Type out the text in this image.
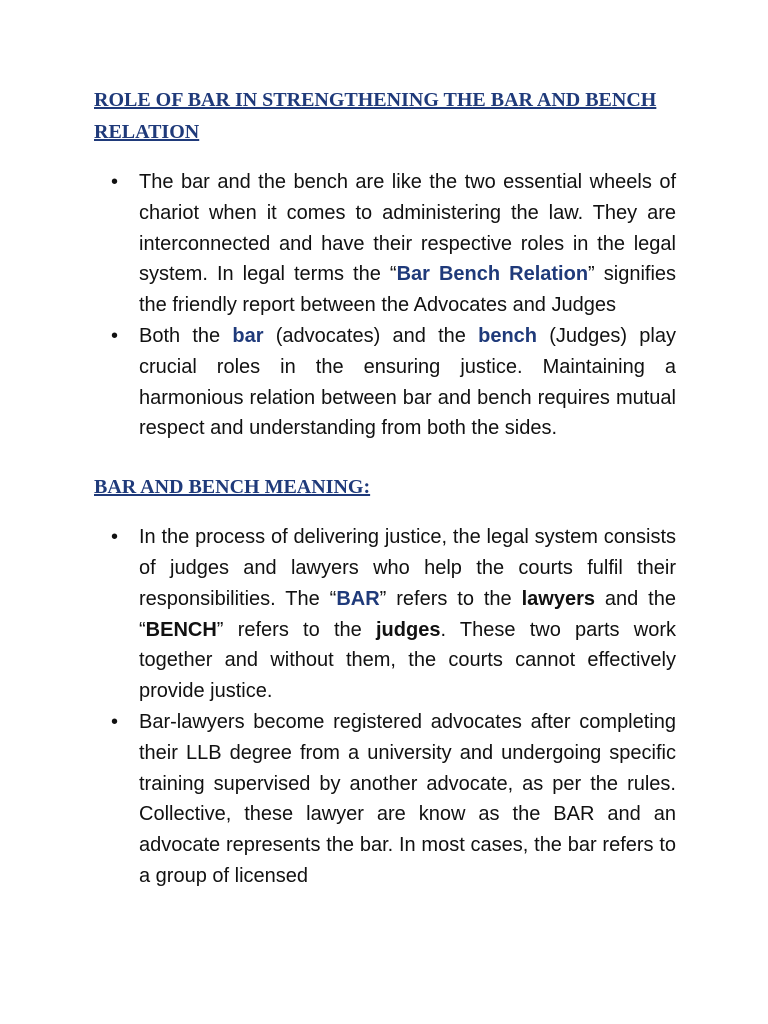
ROLE OF BAR IN STRENGTHENING THE BAR AND BENCH RELATION
• The bar and the bench are like the two essential wheels of chariot when it comes to administering the law. They are interconnected and have their respective roles in the legal system. In legal terms the “Bar Bench Relation” signifies the friendly report between the Advocates and Judges
• Both the bar (advocates) and the bench (Judges) play crucial roles in the ensuring justice. Maintaining a harmonious relation between bar and bench requires mutual respect and understanding from both the sides.
BAR AND BENCH MEANING:
• In the process of delivering justice, the legal system consists of judges and lawyers who help the courts fulfil their responsibilities. The “BAR” refers to the lawyers and the “BENCH” refers to the judges. These two parts work together and without them, the courts cannot effectively provide justice.
• Bar-lawyers become registered advocates after completing their LLB degree from a university and undergoing specific training supervised by another advocate, as per the rules. Collective, these lawyer are know as the BAR and an advocate represents the bar. In most cases, the bar refers to a group of licensed
